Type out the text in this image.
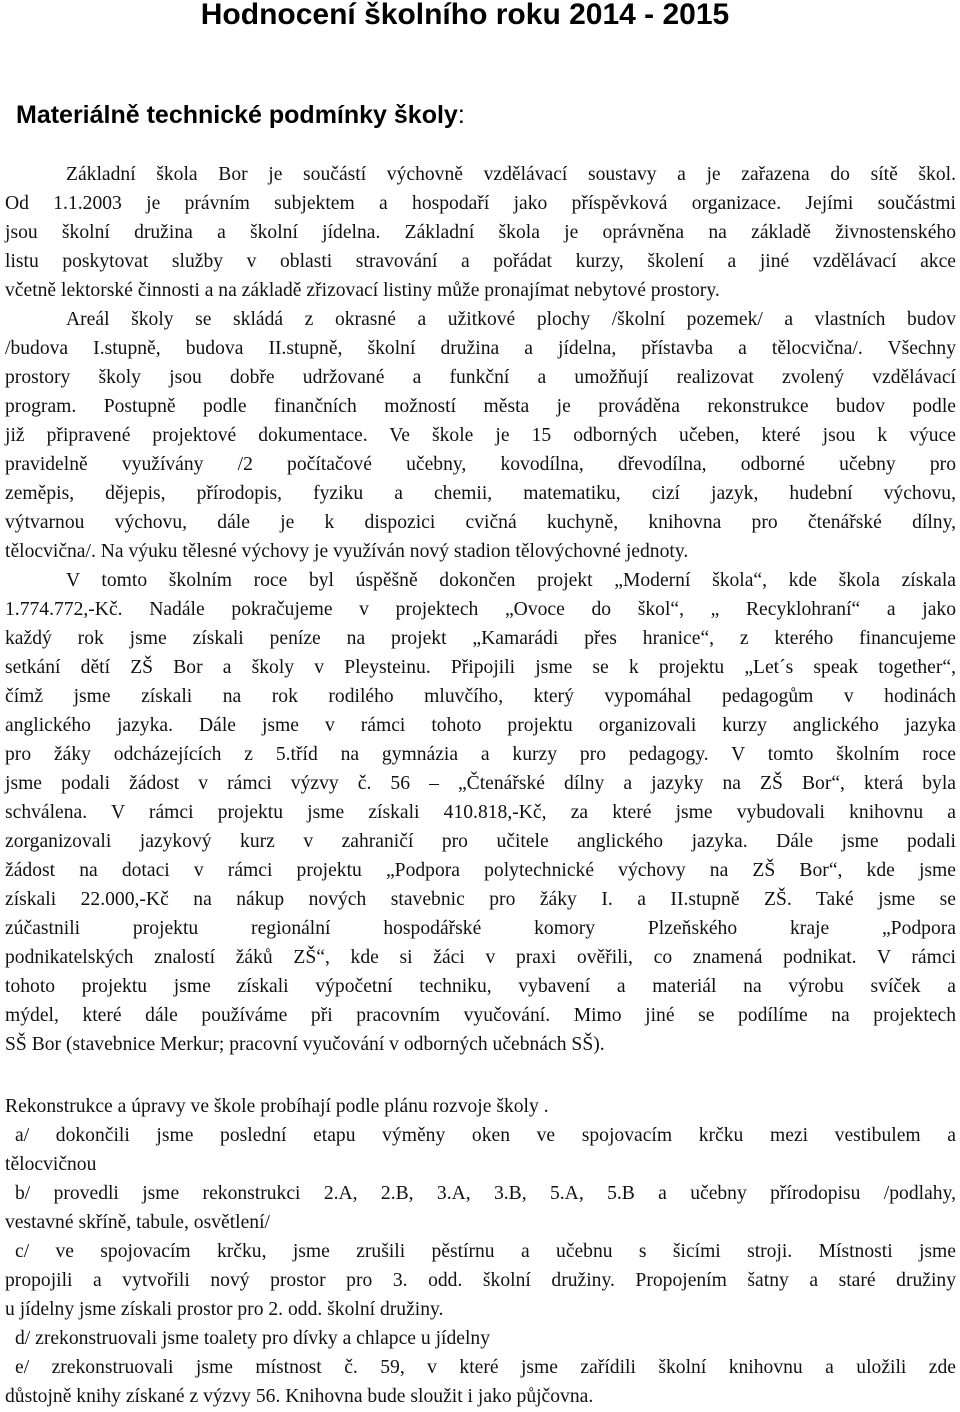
Hodnocení školního roku 2014 - 2015
Materiálně technické podmínky školy:
Základní škola Bor je součástí výchovně vzdělávací soustavy a je zařazena do sítě škol.
Od 1.1.2003 je právním subjektem a hospodaří jako příspěvková organizace. Jejími součástmi
jsou školní družina a školní jídelna. Základní škola je oprávněna na základě živnostenského
listu poskytovat služby v oblasti stravování a pořádat kurzy, školení a jiné vzdělávací akce
včetně lektorské činnosti a na základě zřizovací listiny může pronajímat nebytové prostory.
Areál školy se skládá z okrasné a užitkové plochy /školní pozemek/ a vlastních budov
/budova I.stupně, budova II.stupně, školní družina a jídelna, přístavba a tělocvična/. Všechny
prostory školy jsou dobře udržované a funkční a umožňují realizovat zvolený vzdělávací
program. Postupně podle finančních možností města je prováděna rekonstrukce budov podle
již připravené projektové dokumentace. Ve škole je 15 odborných učeben, které jsou k výuce
pravidelně využívány /2 počítačové učebny, kovodílna, dřevodílna, odborné učebny pro
zeměpis, dějepis, přírodopis, fyziku a chemii, matematiku, cizí jazyk, hudební výchovu,
výtvarnou výchovu, dále je k dispozici cvičná kuchyně, knihovna pro čtenářské dílny,
tělocvična/. Na výuku tělesné výchovy je využíván nový stadion tělovýchovné jednoty.
V tomto školním roce byl úspěšně dokončen projekt „Moderní škola“, kde škola získala
1.774.772,-Kč. Nadále pokračujeme v projektech „Ovoce do škol“, „ Recyklohraní“ a jako
každý rok jsme získali peníze na projekt „Kamarádi přes hranice“, z kterého financujeme
setkání dětí ZŠ Bor a školy v Pleysteinu. Připojili jsme se k projektu „Let´s speak together“,
čímž jsme získali na rok rodilého mluvčího, který vypomáhal pedagogům v hodinách
anglického jazyka. Dále jsme v rámci tohoto projektu organizovali kurzy anglického jazyka
pro žáky odcházejících z 5.tříd na gymnázia a kurzy pro pedagogy. V tomto školním roce
jsme podali žádost v rámci výzvy č. 56 – „Čtenářské dílny a jazyky na ZŠ Bor“, která byla
schválena. V rámci projektu jsme získali 410.818,-Kč, za které jsme vybudovali knihovnu a
zorganizovali jazykový kurz v zahraničí pro učitele anglického jazyka. Dále jsme podali
žádost na dotaci v rámci projektu „Podpora polytechnické výchovy na ZŠ Bor“, kde jsme
získali 22.000,-Kč na nákup nových stavebnic pro žáky I. a II.stupně ZŠ. Také jsme se
zúčastnili projektu regionální hospodářské komory Plzeňského kraje „Podpora
podnikatelských znalostí žáků ZŠ“, kde si žáci v praxi ověřili, co znamená podnikat. V rámci
tohoto projektu jsme získali výpočetní techniku, vybavení a materiál na výrobu svíček a
mýdel, které dále používáme při pracovním vyučování. Mimo jiné se podílíme na projektech
SŠ Bor (stavebnice Merkur; pracovní vyučování v odborných učebnách SŠ).
Rekonstrukce a úpravy ve škole probíhají podle plánu rozvoje školy .
a/ dokončili jsme poslední etapu výměny oken ve spojovacím krčku mezi vestibulem a
tělocvičnou
b/ provedli jsme rekonstrukci 2.A, 2.B, 3.A, 3.B, 5.A, 5.B a učebny přírodopisu /podlahy,
vestavné skříně, tabule, osvětlení/
c/ ve spojovacím krčku, jsme zrušili pěstírnu a učebnu s šicími stroji. Místnosti jsme
propojili a vytvořili nový prostor pro 3. odd. školní družiny. Propojením šatny a staré družiny
u jídelny jsme získali prostor pro 2. odd. školní družiny.
d/ zrekonstruovali jsme toalety pro dívky a chlapce u jídelny
e/ zrekonstruovali jsme místnost č. 59, v které jsme zařídili školní knihovnu a uložili zde
důstojně knihy získané z výzvy 56. Knihovna bude sloužit i jako půjčovna.
